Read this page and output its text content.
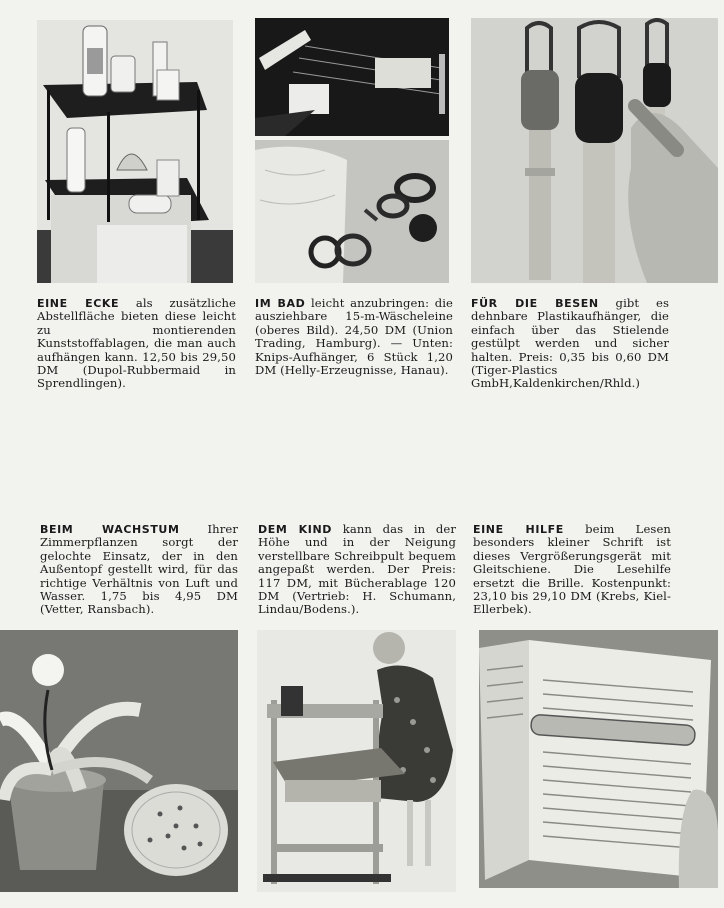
EINE ECKE als zusätzliche Abstellfläche bieten diese leicht zu montierenden Kunststoffablagen, die man auch aufhängen kann. 12,50 bis 29,50 DM (Dupol-Rubbermaid in Sprendlingen).
IM BAD leicht anzubringen: die ausziehbare 15-m-Wäscheleine (oberes Bild). 24,50 DM (Union Trading, Hamburg). — Unten: Knips-Aufhänger, 6 Stück 1,20 DM (Helly-Erzeugnisse, Hanau).
FÜR DIE BESEN gibt es dehnbare Plastikaufhänger, die einfach über das Stielende gestülpt werden und sicher halten. Preis: 0,35 bis 0,60 DM (Tiger-Plastics GmbH,Kaldenkirchen/Rhld.)
BEIM WACHSTUM Ihrer Zimmerpflanzen sorgt der gelochte Einsatz, der in den Außentopf gestellt wird, für das richtige Verhältnis von Luft und Wasser. 1,75 bis 4,95 DM (Vetter, Ransbach).
DEM KIND kann das in der Höhe und in der Neigung verstellbare Schreibpult bequem angepaßt werden. Der Preis: 117 DM, mit Bücherablage 120 DM (Vertrieb: H. Schumann, Lindau/Bodens.).
EINE HILFE beim Lesen besonders kleiner Schrift ist dieses Vergrößerungsgerät mit Gleitschiene. Die Lesehilfe ersetzt die Brille. Kostenpunkt: 23,10 bis 29,10 DM (Krebs, Kiel-Ellerbek).
